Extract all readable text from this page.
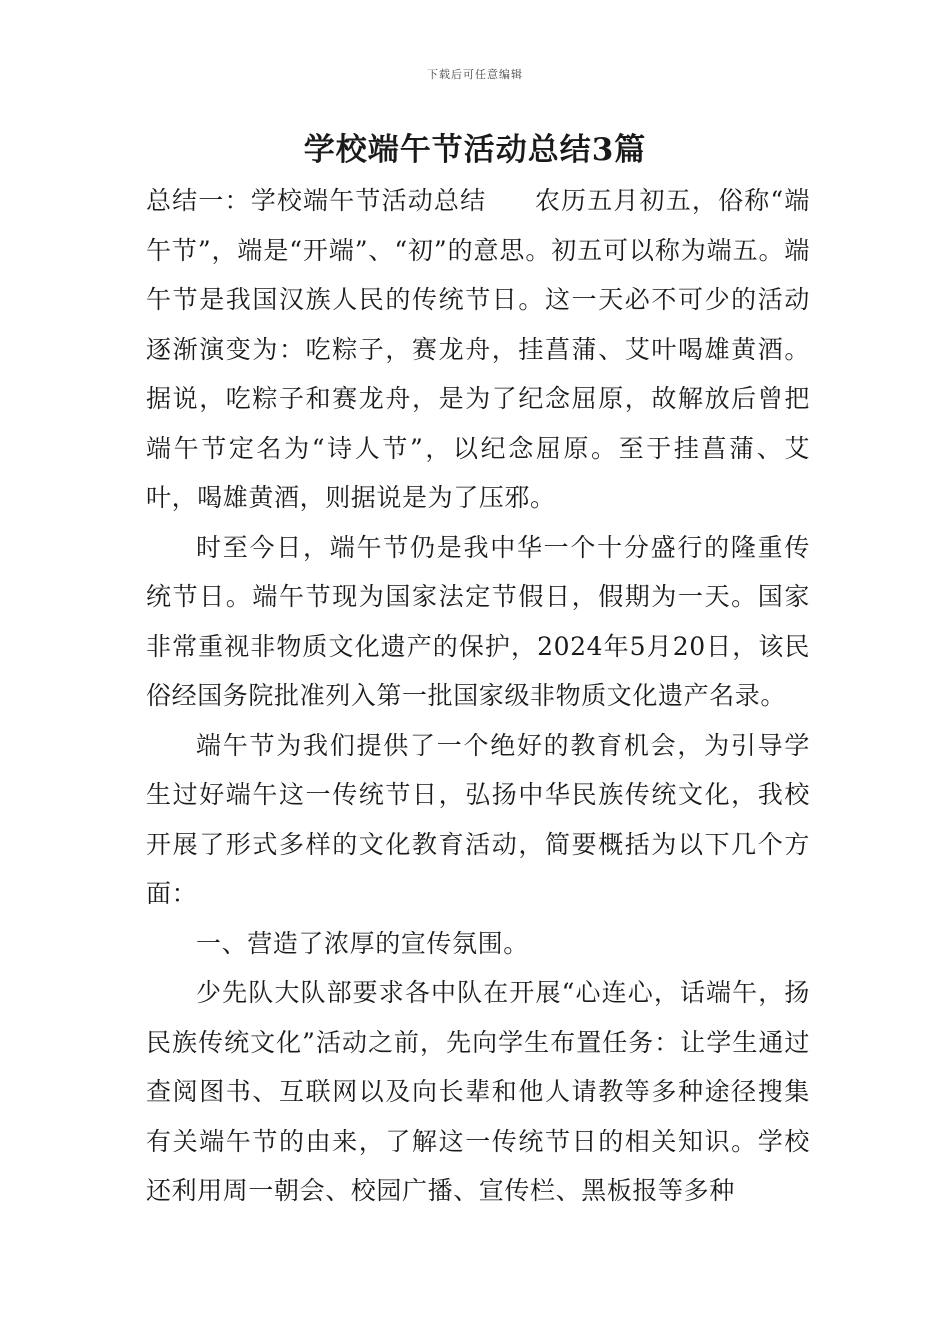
下载后可任意编辑
学校端午节活动总结3篇

总结一：学校端午节活动总结 农历五月初五，俗称“端午节”，端是“开端”、“初”的意思。初五可以称为端五。端午节是我国汉族人民的传统节日。这一天必不可少的活动逐渐演变为：吃粽子，赛龙舟，挂菖蒲、艾叶喝雄黄酒。据说，吃粽子和赛龙舟，是为了纪念屈原，故解放后曾把端午节定名为“诗人节”，以纪念屈原。至于挂菖蒲、艾叶，喝雄黄酒，则据说是为了压邪。

时至今日，端午节仍是我中华一个十分盛行的隆重传统节日。端午节现为国家法定节假日，假期为一天。国家非常重视非物质文化遗产的保护，2024年5月20日，该民俗经国务院批准列入第一批国家级非物质文化遗产名录。

端午节为我们提供了一个绝好的教育机会，为引导学生过好端午这一传统节日，弘扬中华民族传统文化，我校开展了形式多样的文化教育活动，简要概括为以下几个方面：

一、营造了浓厚的宣传氛围。

少先队大队部要求各中队在开展“心连心，话端午，扬民族传统文化”活动之前，先向学生布置任务：让学生通过查阅图书、互联网以及向长辈和他人请教等多种途径搜集有关端午节的由来，了解这一传统节日的相关知识。学校还利用周一朝会、校园广播、宣传栏、黑板报等多种
